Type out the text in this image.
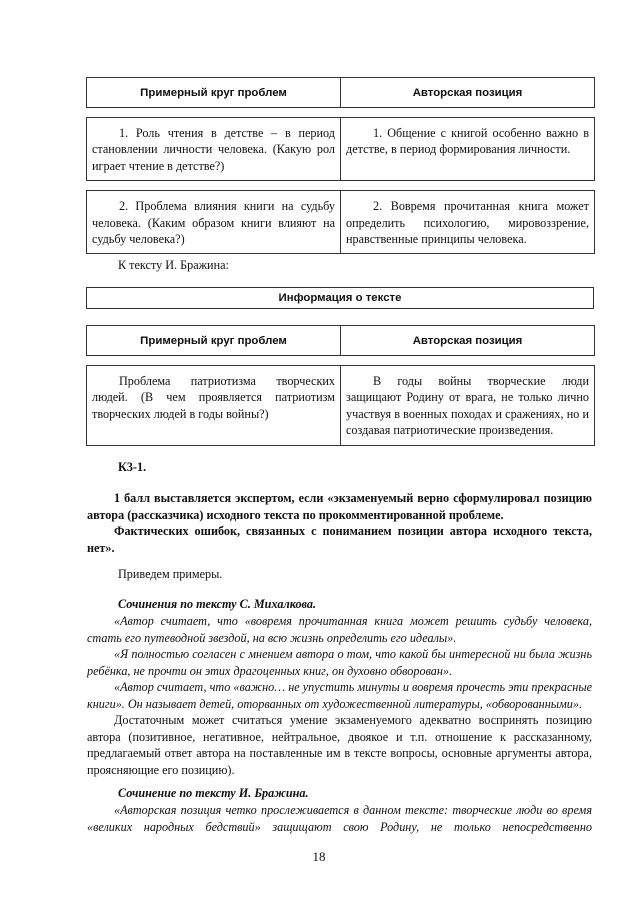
Примерный круг проблем	Авторская позиция

1. Роль чтения в детстве – в период становлении личности человека. (Какую рол играет чтение в детстве?)	1. Общение с книгой особенно важно в детстве, в период формирования личности.

2. Проблема влияния книги на судьбу человека. (Каким образом книги влияют на судьбу человека?)	2. Вовремя прочитанная книга может определить психологию, мировоззрение, нравственные принципы человека.
К тексту И. Бражина:
Информация о тексте
Примерный круг проблем	Авторская позиция

Проблема патриотизма творческих людей. (В чем проявляется патриотизм творческих людей в годы войны?)	В годы войны творческие люди защищают Родину от врага, не только лично участвуя в военных походах и сражениях, но и создавая патриотические произведения.
К3-1.
1 балл выставляется экспертом, если «экзаменуемый верно сформулировал позицию автора (рассказчика) исходного текста по прокомментированной проблеме.
Фактических ошибок, связанных с пониманием позиции автора исходного текста, нет».
Приведем примеры.
Сочинения по тексту С. Михалкова.
«Автор считает, что «вовремя прочитанная книга может решить судьбу человека, стать его путеводной звездой, на всю жизнь определить его идеалы».
«Я полностью согласен с мнением автора о том, что какой бы интересной ни была жизнь ребёнка, не прочти он этих драгоценных книг, он духовно обворован».
«Автор считает, что «важно… не упустить минуты и вовремя прочесть эти прекрасные книги». Он называет детей, оторванных от художественной литературы, «обворованными».
Достаточным может считаться умение экзаменуемого адекватно воспринять позицию автора (позитивное, негативное, нейтральное, двоякое и т.п. отношение к рассказанному, предлагаемый ответ автора на поставленные им в тексте вопросы, основные аргументы автора, проясняющие его позицию).
Сочинение по тексту И. Бражина.
«Авторская позиция четко прослеживается в данном тексте: творческие люди во время «великих народных бедствий» защищают свою Родину, не только непосредственно
18
